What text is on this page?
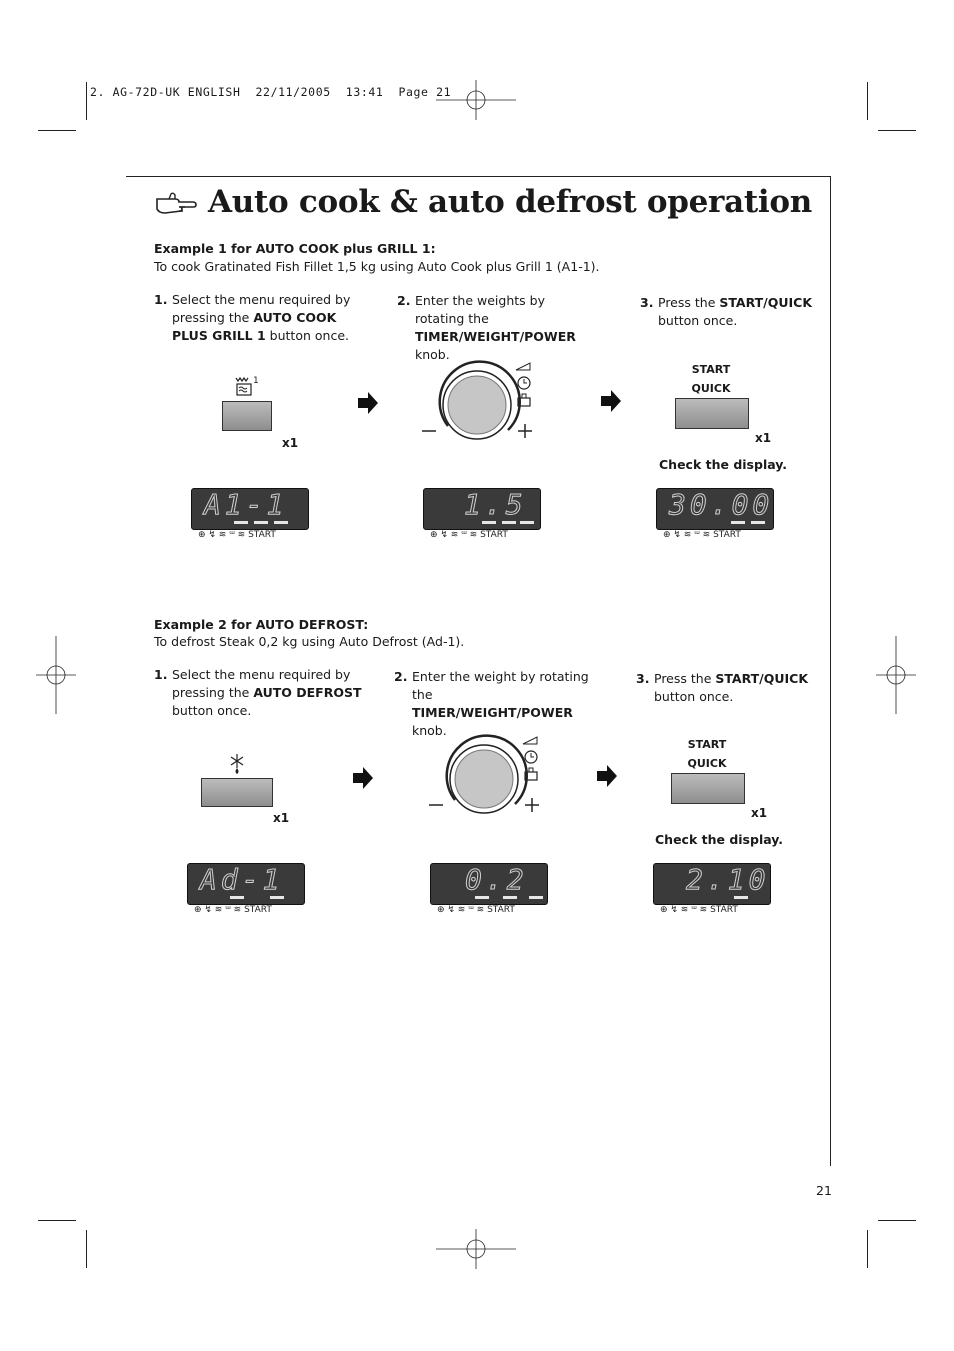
2. AG-72D-UK ENGLISH  22/11/2005  13:41  Page 21
Auto cook & auto defrost operation
Example 1 for AUTO COOK plus GRILL 1:
To cook Gratinated Fish Fillet 1,5 kg using Auto Cook plus Grill 1 (A1-1).
1. Select the menu required by pressing the AUTO COOK PLUS GRILL 1 button once.
2. Enter the weights by rotating the TIMER/WEIGHT/POWER knob.
3. Press the START/QUICK button once.
1
x1
START
QUICK
x1
Check the display.
A1-1
⊕ ↯ ≋ ᵚ ≋ START
1.5
⊕ ↯ ≋ ᵚ ≋ START
30.00
⊕ ↯ ≋ ᵚ ≋ START
Example 2 for AUTO DEFROST:
To defrost Steak 0,2 kg using Auto Defrost (Ad-1).
1. Select the menu required by pressing the AUTO DEFROST button once.
2. Enter the weight by rotating the TIMER/WEIGHT/POWER knob.
3. Press the START/QUICK button once.
x1
START
QUICK
x1
Check the display.
Ad-1
⊕ ↯ ≋ ᵚ ≋ START
0.2
⊕ ↯ ≋ ᵚ ≋ START
2.10
⊕ ↯ ≋ ᵚ ≋ START
21
